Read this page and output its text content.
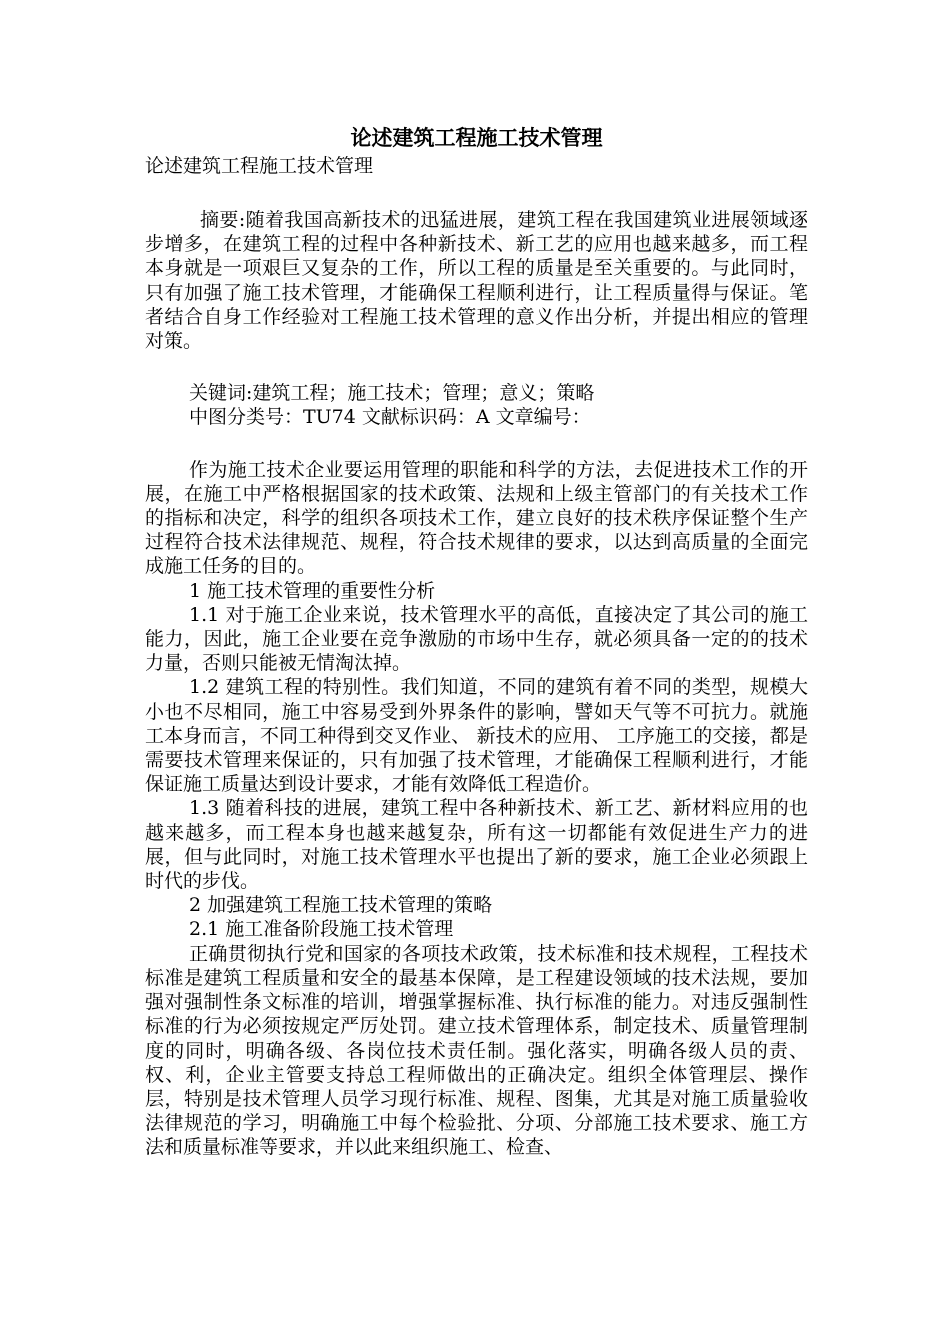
论述建筑工程施工技术管理

论述建筑工程施工技术管理

摘要:随着我国高新技术的迅猛进展，建筑工程在我国建筑业进展领域逐步增多，在建筑工程的过程中各种新技术、新工艺的应用也越来越多，而工程本身就是一项艰巨又复杂的工作，所以工程的质量是至关重要的。与此同时，只有加强了施工技术管理，才能确保工程顺利进行，让工程质量得与保证。笔者结合自身工作经验对工程施工技术管理的意义作出分析，并提出相应的管理对策。

关键词:建筑工程；施工技术；管理；意义；策略

中图分类号：TU74 文献标识码：A 文章编号：

作为施工技术企业要运用管理的职能和科学的方法，去促进技术工作的开展，在施工中严格根据国家的技术政策、法规和上级主管部门的有关技术工作的指标和决定，科学的组织各项技术工作，建立良好的技术秩序保证整个生产过程符合技术法律规范、规程，符合技术规律的要求，以达到高质量的全面完成施工任务的目的。

1 施工技术管理的重要性分析

1.1 对于施工企业来说，技术管理水平的高低，直接决定了其公司的施工能力，因此，施工企业要在竞争激励的市场中生存，就必须具备一定的的技术力量，否则只能被无情淘汰掉。

1.2 建筑工程的特别性。我们知道，不同的建筑有着不同的类型，规模大小也不尽相同，施工中容易受到外界条件的影响，譬如天气等不可抗力。就施工本身而言，不同工种得到交叉作业、 新技术的应用、 工序施工的交接，都是需要技术管理来保证的，只有加强了技术管理，才能确保工程顺利进行，才能保证施工质量达到设计要求，才能有效降低工程造价。

1.3 随着科技的进展，建筑工程中各种新技术、新工艺、新材料应用的也越来越多，而工程本身也越来越复杂，所有这一切都能有效促进生产力的进展，但与此同时，对施工技术管理水平也提出了新的要求，施工企业必须跟上时代的步伐。

2 加强建筑工程施工技术管理的策略

2.1 施工准备阶段施工技术管理

正确贯彻执行党和国家的各项技术政策，技术标准和技术规程，工程技术标准是建筑工程质量和安全的最基本保障，是工程建设领域的技术法规，要加强对强制性条文标准的培训，增强掌握标准、执行标准的能力。对违反强制性标准的行为必须按规定严厉处罚。建立技术管理体系，制定技术、质量管理制度的同时，明确各级、各岗位技术责任制。强化落实，明确各级人员的责、权、利，企业主管要支持总工程师做出的正确决定。组织全体管理层、操作层，特别是技术管理人员学习现行标准、规程、图集，尤其是对施工质量验收法律规范的学习，明确施工中每个检验批、分项、分部施工技术要求、施工方法和质量标准等要求，并以此来组织施工、检查、
